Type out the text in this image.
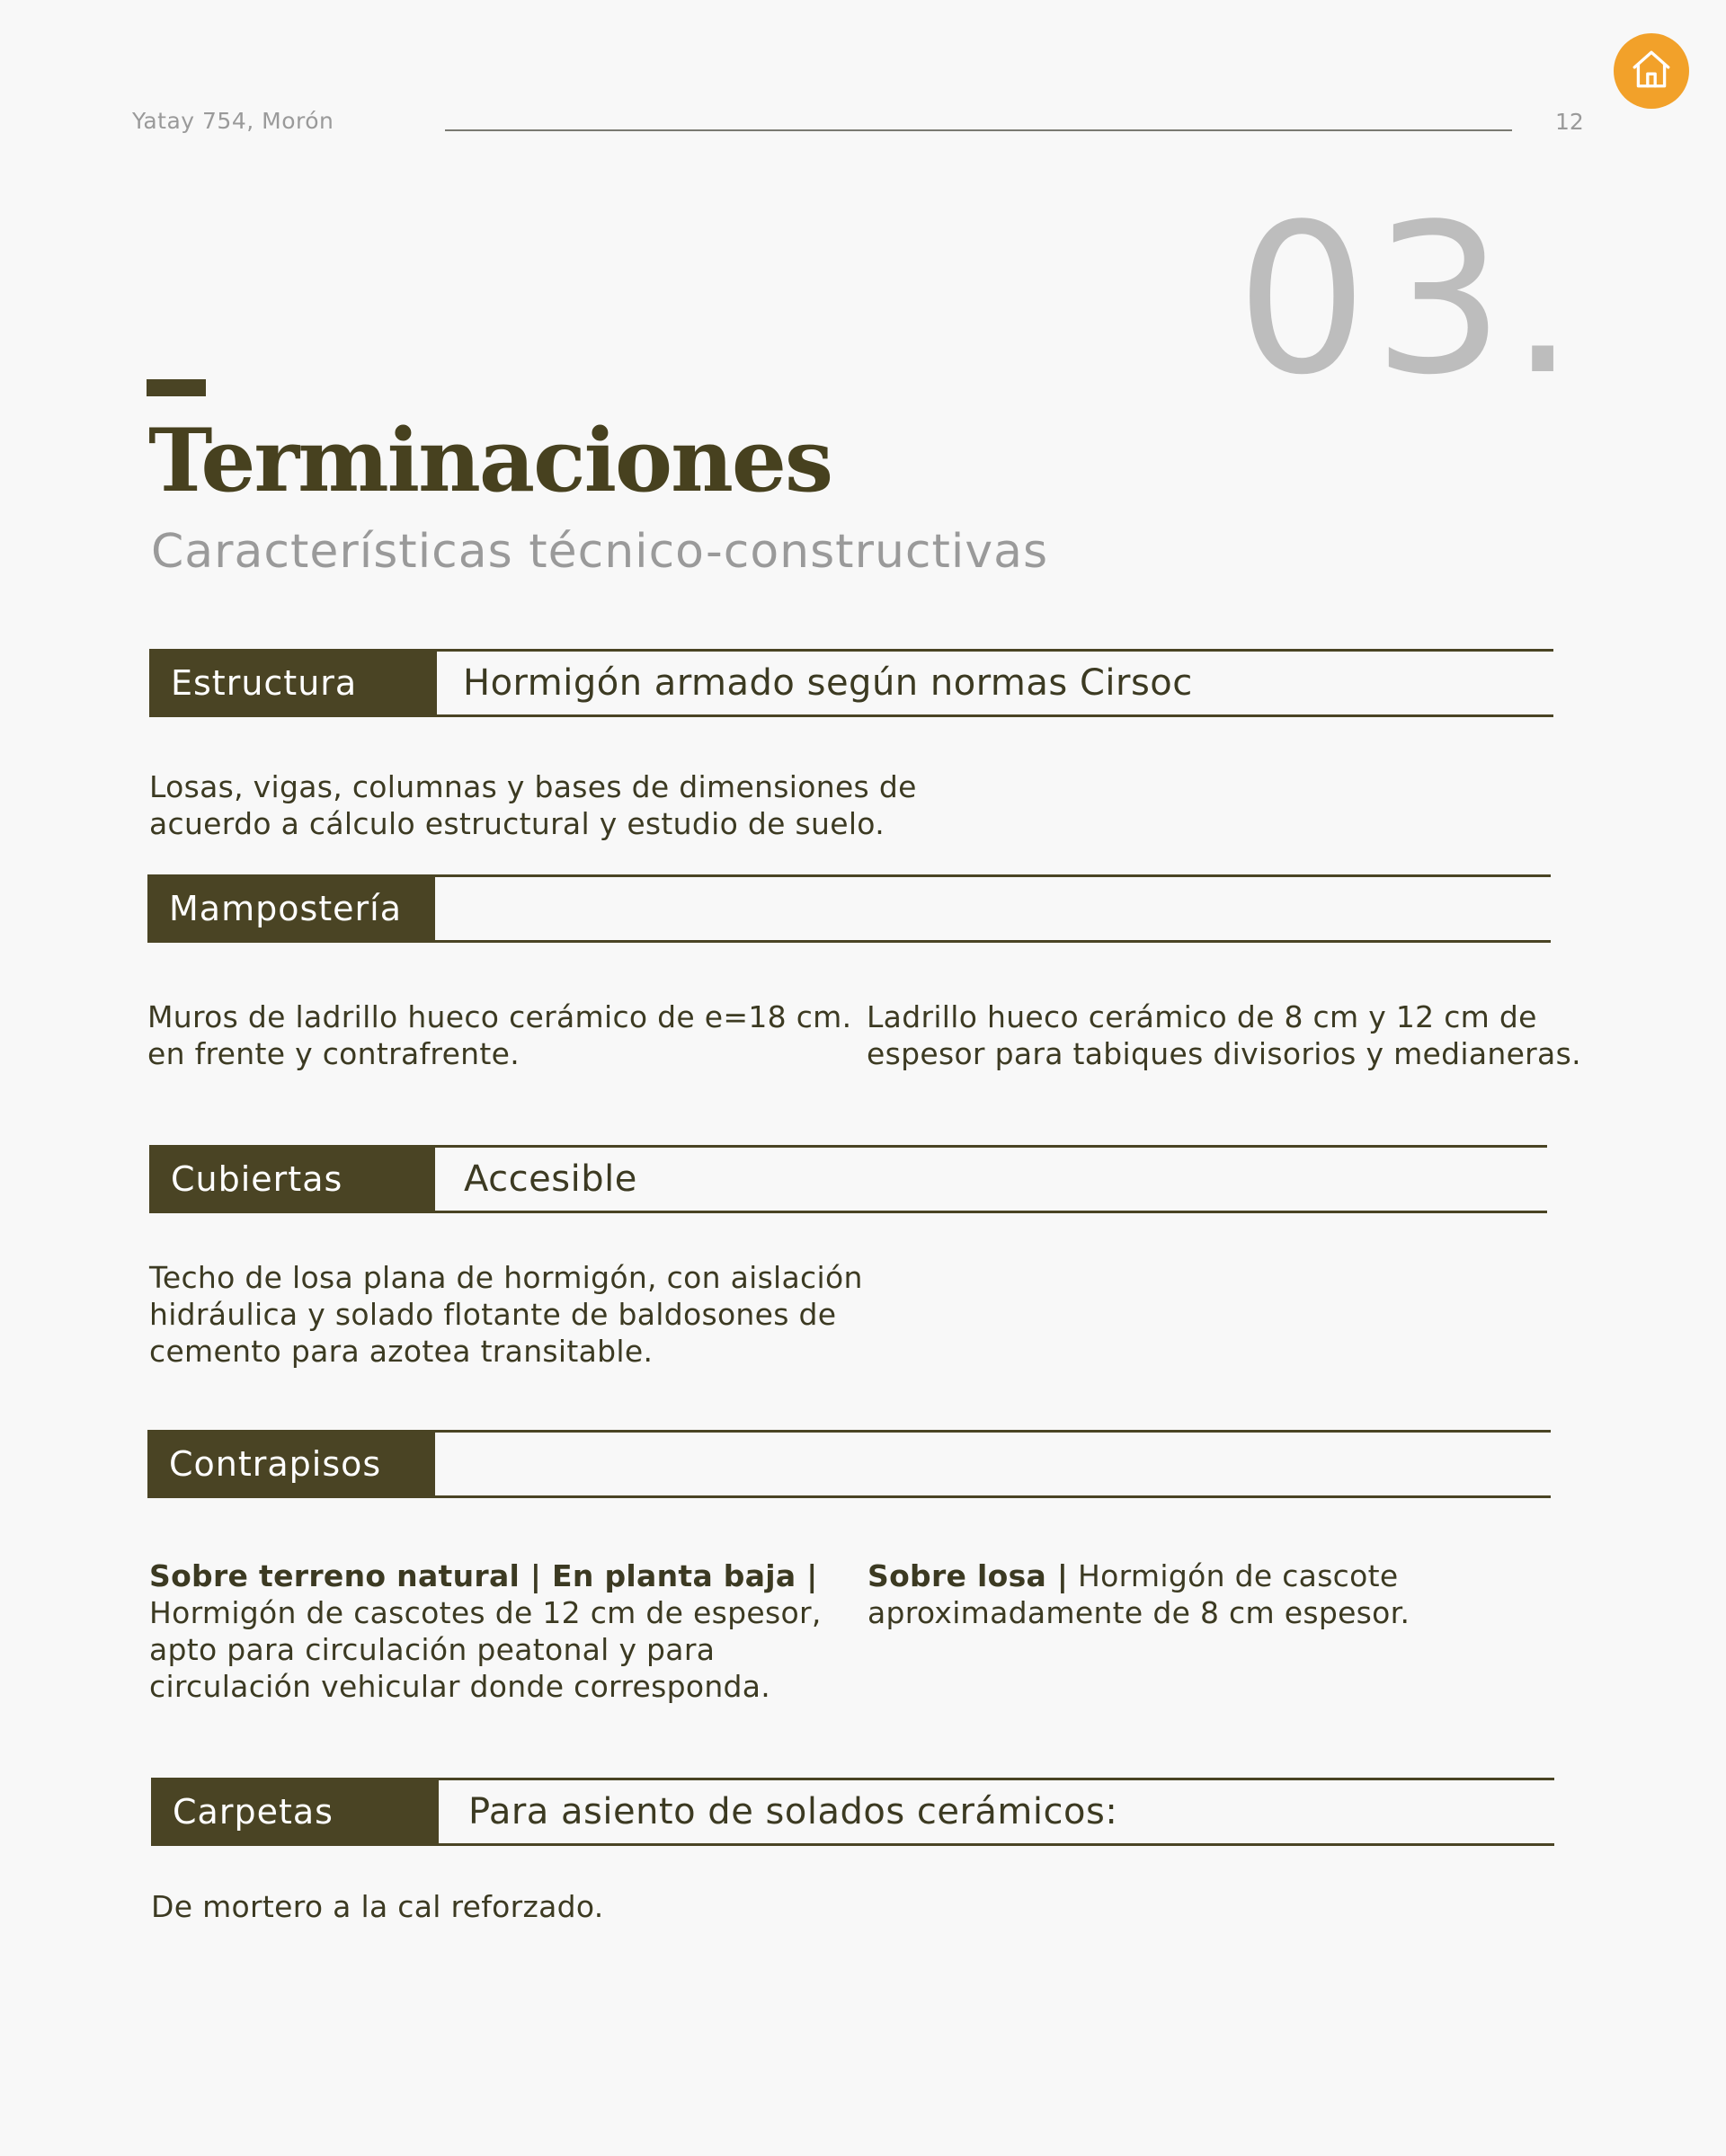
Yatay 754, Morón	12
03.
Terminaciones
Características técnico-constructivas
Estructura	Hormigón armado según normas Cirsoc
Losas, vigas, columnas y bases de dimensiones de
acuerdo a cálculo estructural y estudio de suelo.
Mampostería
Muros de ladrillo hueco cerámico de e=18 cm.
en frente y contrafrente.
Ladrillo hueco cerámico de 8 cm y 12 cm de
espesor para tabiques divisorios y medianeras.
Cubiertas	Accesible
Techo de losa plana de hormigón, con aislación
hidráulica y solado flotante de baldosones de
cemento para azotea transitable.
Contrapisos
Sobre terreno natural | En planta baja |
Hormigón de cascotes de 12 cm de espesor,
apto para circulación peatonal y para
circulación vehicular donde corresponda.
Sobre losa | Hormigón de cascote
aproximadamente de 8 cm espesor.
Carpetas	Para asiento de solados cerámicos:
De mortero a la cal reforzado.
